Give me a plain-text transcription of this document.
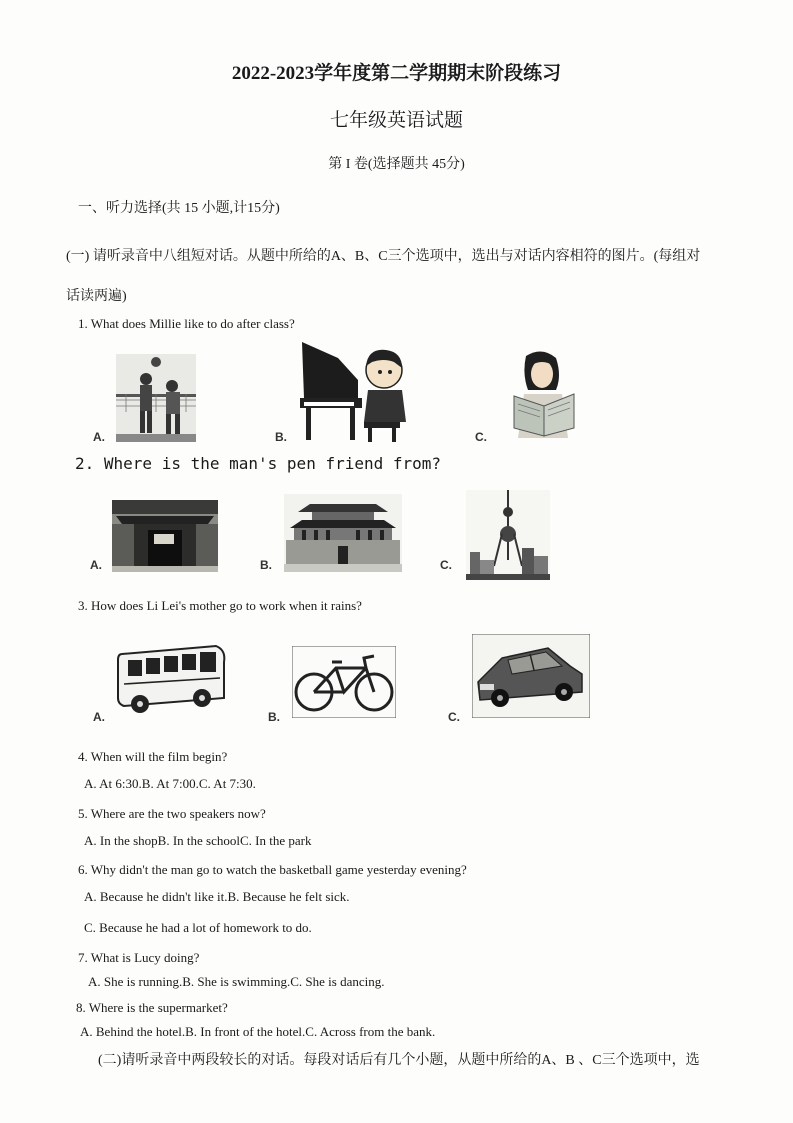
2022-2023学年度第二学期期末阶段练习
七年级英语试题
第 I 卷(选择题共 45分)
一、听力选择(共 15 小题,计15分)
(一) 请听录音中八组短对话。从题中所给的A、B、C三个选项中，选出与对话内容相符的图片。(每组对
话读两遍)
1. What does Millie like to do after class?
A.	B.	C.
2. Where is the man's pen friend from?
A.	B.	C.
3. How does Li Lei's mother go to work when it rains?
A.	B.	C.
4. When will the film begin?
A. At 6:30.B. At 7:00.C. At 7:30.
5. Where are the two speakers now?
A. In the shopB. In the schoolC. In the park
6. Why didn't the man go to watch the basketball game yesterday evening?
A. Because he didn't like it.B. Because he felt sick.
C. Because he had a lot of homework to do.
7. What is Lucy doing?
A. She is running.B. She is swimming.C. She is dancing.
8. Where is the supermarket?
A. Behind the hotel.B. In front of the hotel.C. Across from the bank.
(二)请听录音中两段较长的对话。每段对话后有几个小题，从题中所给的A、B 、C三个选项中，选
